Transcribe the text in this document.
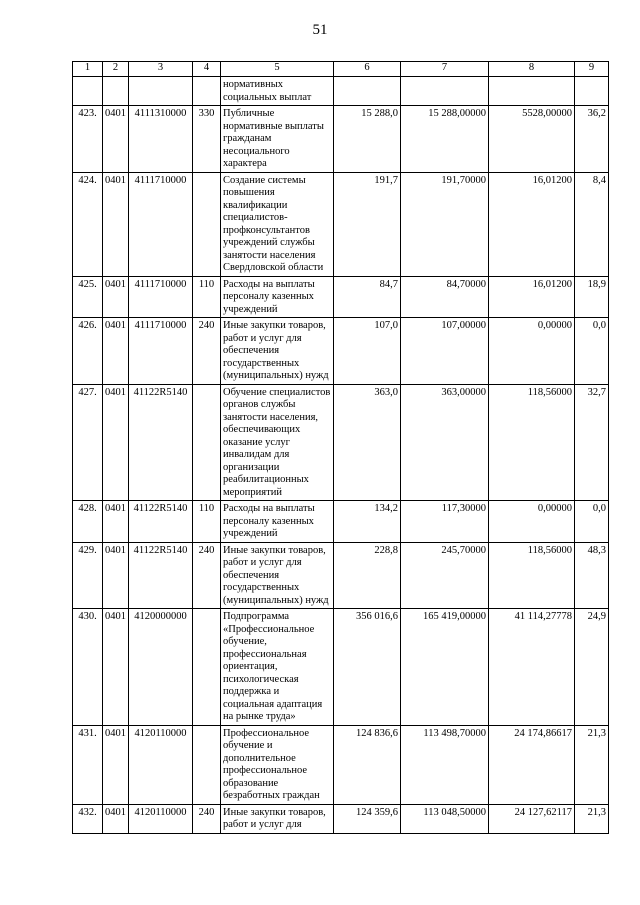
51
1	2	3	4	5	6	7	8	9
				нормативных социальных выплат				
423.	0401	4111310000	330	Публичные нормативные выплаты гражданам несоциального характера	15 288,0	15 288,00000	5528,00000	36,2
424.	0401	4111710000		Создание системы повышения квалификации специалистов-профконсультантов учреждений службы занятости населения Свердловской области	191,7	191,70000	16,01200	8,4
425.	0401	4111710000	110	Расходы на выплаты персоналу казенных учреждений	84,7	84,70000	16,01200	18,9
426.	0401	4111710000	240	Иные закупки товаров, работ и услуг для обеспечения государственных (муниципальных) нужд	107,0	107,00000	0,00000	0,0
427.	0401	41122R5140		Обучение специалистов органов службы занятости населения, обеспечивающих оказание услуг инвалидам для организации реабилитационных мероприятий	363,0	363,00000	118,56000	32,7
428.	0401	41122R5140	110	Расходы на выплаты персоналу казенных учреждений	134,2	117,30000	0,00000	0,0
429.	0401	41122R5140	240	Иные закупки товаров, работ и услуг для обеспечения государственных (муниципальных) нужд	228,8	245,70000	118,56000	48,3
430.	0401	4120000000		Подпрограмма «Профессиональное обучение, профессиональная ориентация, психологическая поддержка и социальная адаптация на рынке труда»	356 016,6	165 419,00000	41 114,27778	24,9
431.	0401	4120110000		Профессиональное обучение и дополнительное профессиональное образование безработных граждан	124 836,6	113 498,70000	24 174,86617	21,3
432.	0401	4120110000	240	Иные закупки товаров, работ и услуг для	124 359,6	113 048,50000	24 127,62117	21,3
